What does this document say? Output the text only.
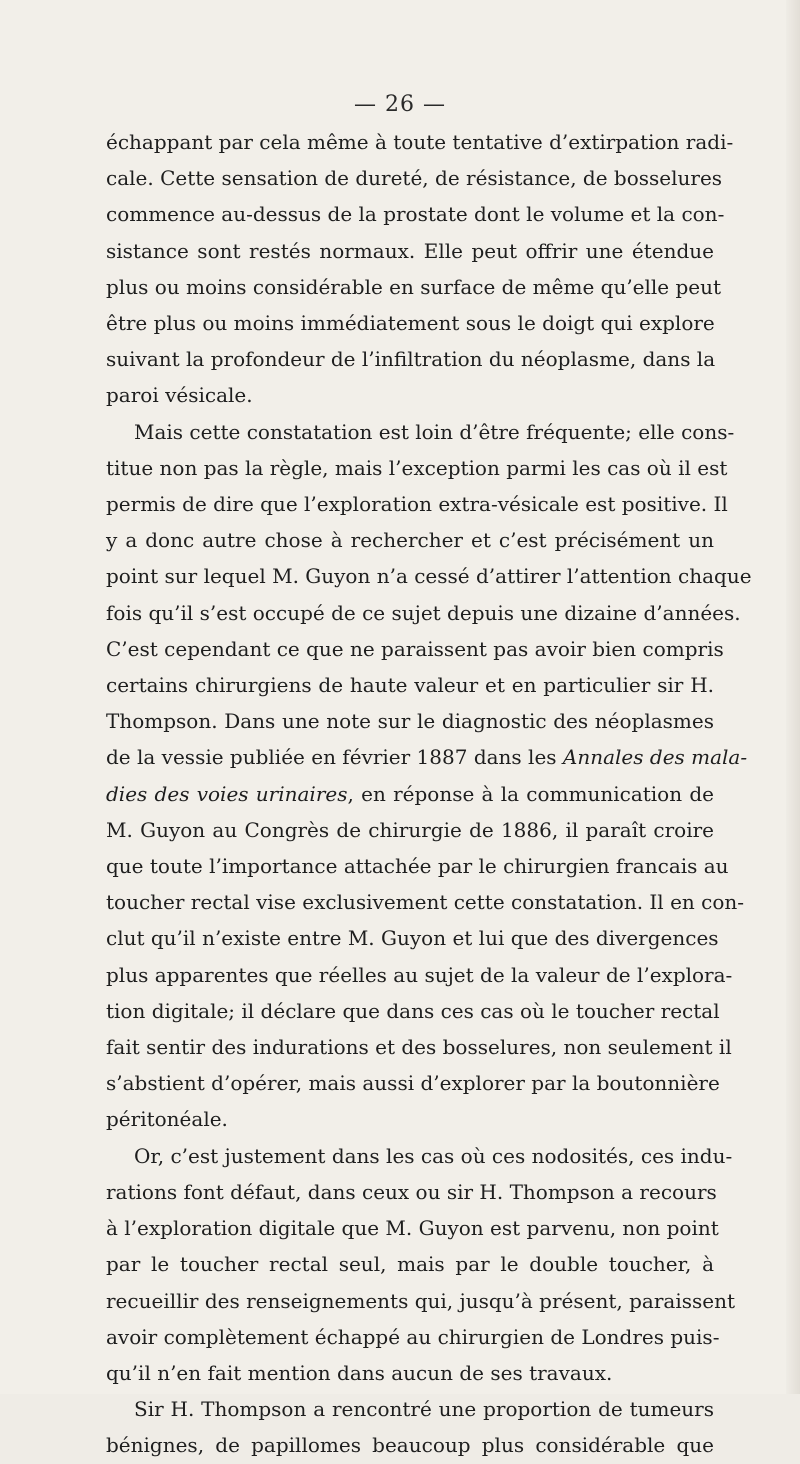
— 26 —
échappant par cela même à toute tentative d’extirpation radi-
cale. Cette sensation de dureté, de résistance, de bosselures
commence au-dessus de la prostate dont le volume et la con-
sistance sont restés normaux. Elle peut offrir une étendue
plus ou moins considérable en surface de même qu’elle peut
être plus ou moins immédiatement sous le doigt qui explore
suivant la profondeur de l’infiltration du néoplasme, dans la
paroi vésicale.
Mais cette constatation est loin d’être fréquente; elle cons-
titue non pas la règle, mais l’exception parmi les cas où il est
permis de dire que l’exploration extra-vésicale est positive. Il
y a donc autre chose à rechercher et c’est précisément un
point sur lequel M. Guyon n’a cessé d’attirer l’attention chaque
fois qu’il s’est occupé de ce sujet depuis une dizaine d’années.
C’est cependant ce que ne paraissent pas avoir bien compris
certains chirurgiens de haute valeur et en particulier sir H.
Thompson. Dans une note sur le diagnostic des néoplasmes
de la vessie publiée en février 1887 dans les Annales des mala-
dies des voies urinaires, en réponse à la communication de
M. Guyon au Congrès de chirurgie de 1886, il paraît croire
que toute l’importance attachée par le chirurgien francais au
toucher rectal vise exclusivement cette constatation. Il en con-
clut qu’il n’existe entre M. Guyon et lui que des divergences
plus apparentes que réelles au sujet de la valeur de l’explora-
tion digitale; il déclare que dans ces cas où le toucher rectal
fait sentir des indurations et des bosselures, non seulement il
s’abstient d’opérer, mais aussi d’explorer par la boutonnière
péritonéale.
Or, c’est justement dans les cas où ces nodosités, ces indu-
rations font défaut, dans ceux ou sir H. Thompson a recours
à l’exploration digitale que M. Guyon est parvenu, non point
par le toucher rectal seul, mais par le double toucher, à
recueillir des renseignements qui, jusqu’à présent, paraissent
avoir complètement échappé au chirurgien de Londres puis-
qu’il n’en fait mention dans aucun de ses travaux.
Sir H. Thompson a rencontré une proportion de tumeurs
bénignes, de papillomes beaucoup plus considérable que
